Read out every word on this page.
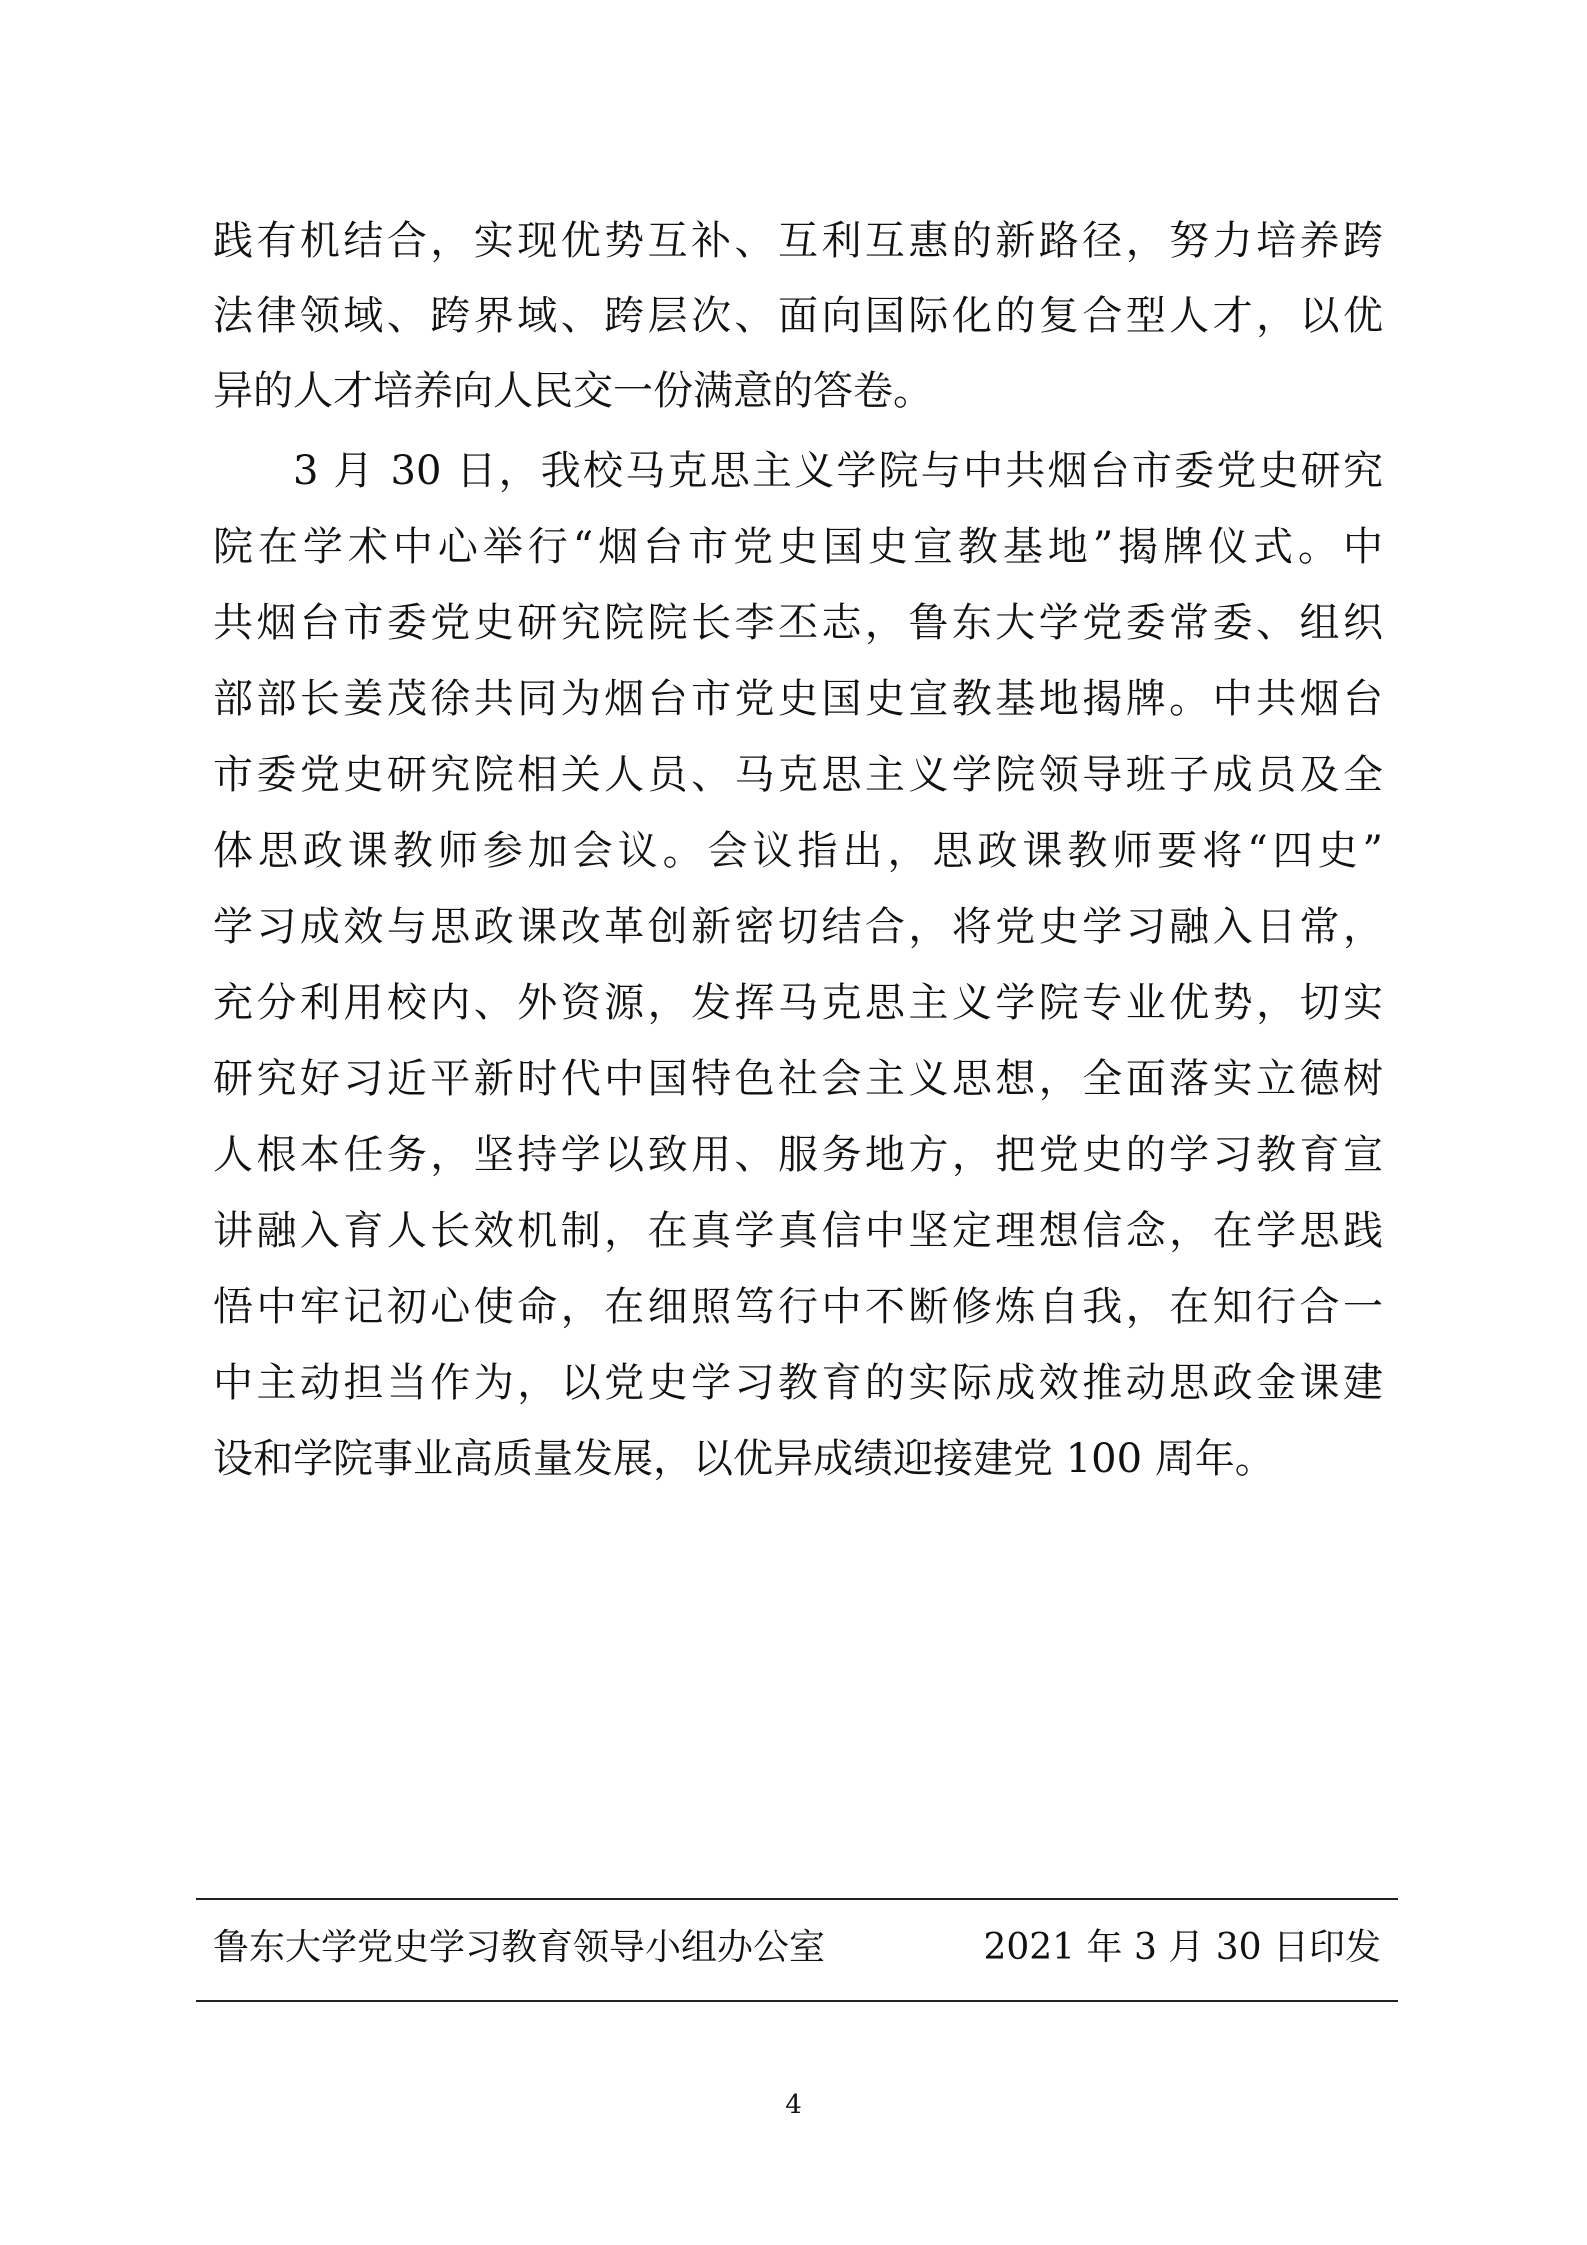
践有机结合，实现优势互补、互利互惠的新路径，努力培养跨
法律领域、跨界域、跨层次、面向国际化的复合型人才，以优
异的人才培养向人民交一份满意的答卷。
3 月 30 日，我校马克思主义学院与中共烟台市委党史研究
院在学术中心举行“烟台市党史国史宣教基地”揭牌仪式。中
共烟台市委党史研究院院长李丕志，鲁东大学党委常委、组织
部部长姜茂徐共同为烟台市党史国史宣教基地揭牌。中共烟台
市委党史研究院相关人员、马克思主义学院领导班子成员及全
体思政课教师参加会议。会议指出，思政课教师要将“四史”
学习成效与思政课改革创新密切结合，将党史学习融入日常，
充分利用校内、外资源，发挥马克思主义学院专业优势，切实
研究好习近平新时代中国特色社会主义思想，全面落实立德树
人根本任务，坚持学以致用、服务地方，把党史的学习教育宣
讲融入育人长效机制，在真学真信中坚定理想信念，在学思践
悟中牢记初心使命，在细照笃行中不断修炼自我，在知行合一
中主动担当作为，以党史学习教育的实际成效推动思政金课建
设和学院事业高质量发展，以优异成绩迎接建党 100 周年。
鲁东大学党史学习教育领导小组办公室	2021 年 3 月 30 日印发
4
